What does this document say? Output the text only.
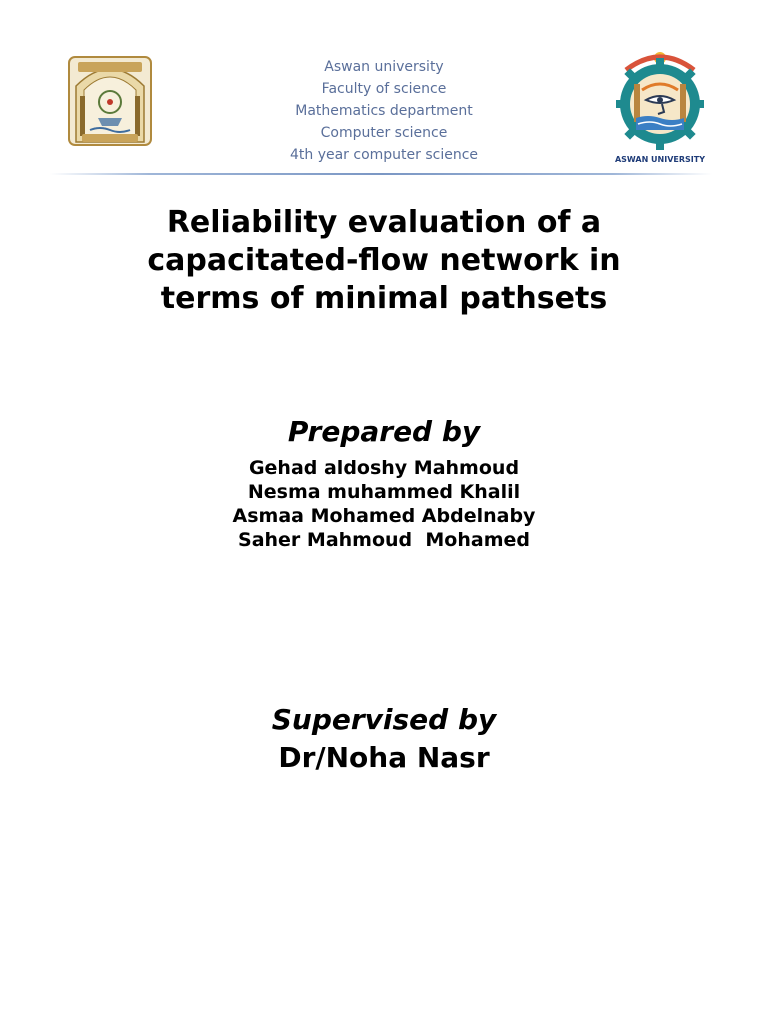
Aswan university
Faculty of science
Mathematics department
Computer science
4th year computer science	ASWAN UNIVERSITY
Reliability evaluation of a
capacitated-flow network in
terms of minimal pathsets
Prepared by
Gehad aldoshy Mahmoud
Nesma muhammed Khalil
Asmaa Mohamed Abdelnaby
Saher Mahmoud  Mohamed
Supervised by
Dr/Noha Nasr
